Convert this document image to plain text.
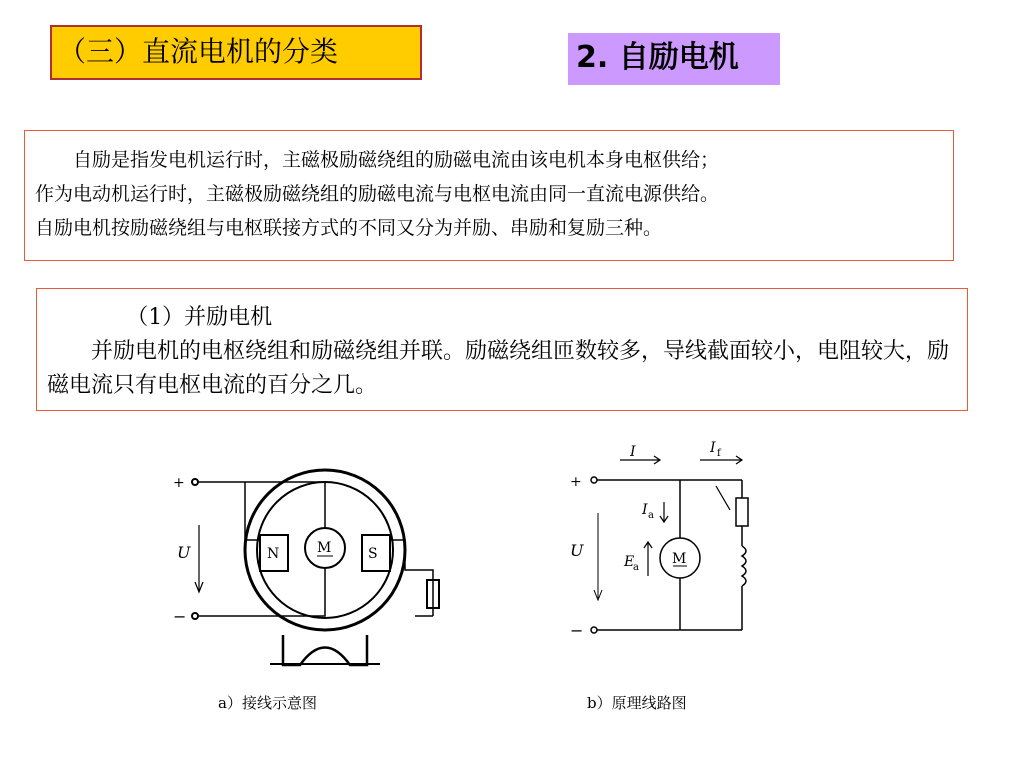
（三）直流电机的分类	2. 自励电机
自励是指发电机运行时，主磁极励磁绕组的励磁电流由该电机本身电枢供给；
作为电动机运行时，主磁极励磁绕组的励磁电流与电枢电流由同一直流电源供给。
自励电机按励磁绕组与电枢联接方式的不同又分为并励、串励和复励三种。
（1）并励电机
并励电机的电枢绕组和励磁绕组并联。励磁绕组匝数较多，导线截面较小，电阻较大，励磁电流只有电枢电流的百分之几。
+
U
−
N	S
M
a）接线示意图
I	I f
+
U
−
M
I a
E
a
b）原理线路图
